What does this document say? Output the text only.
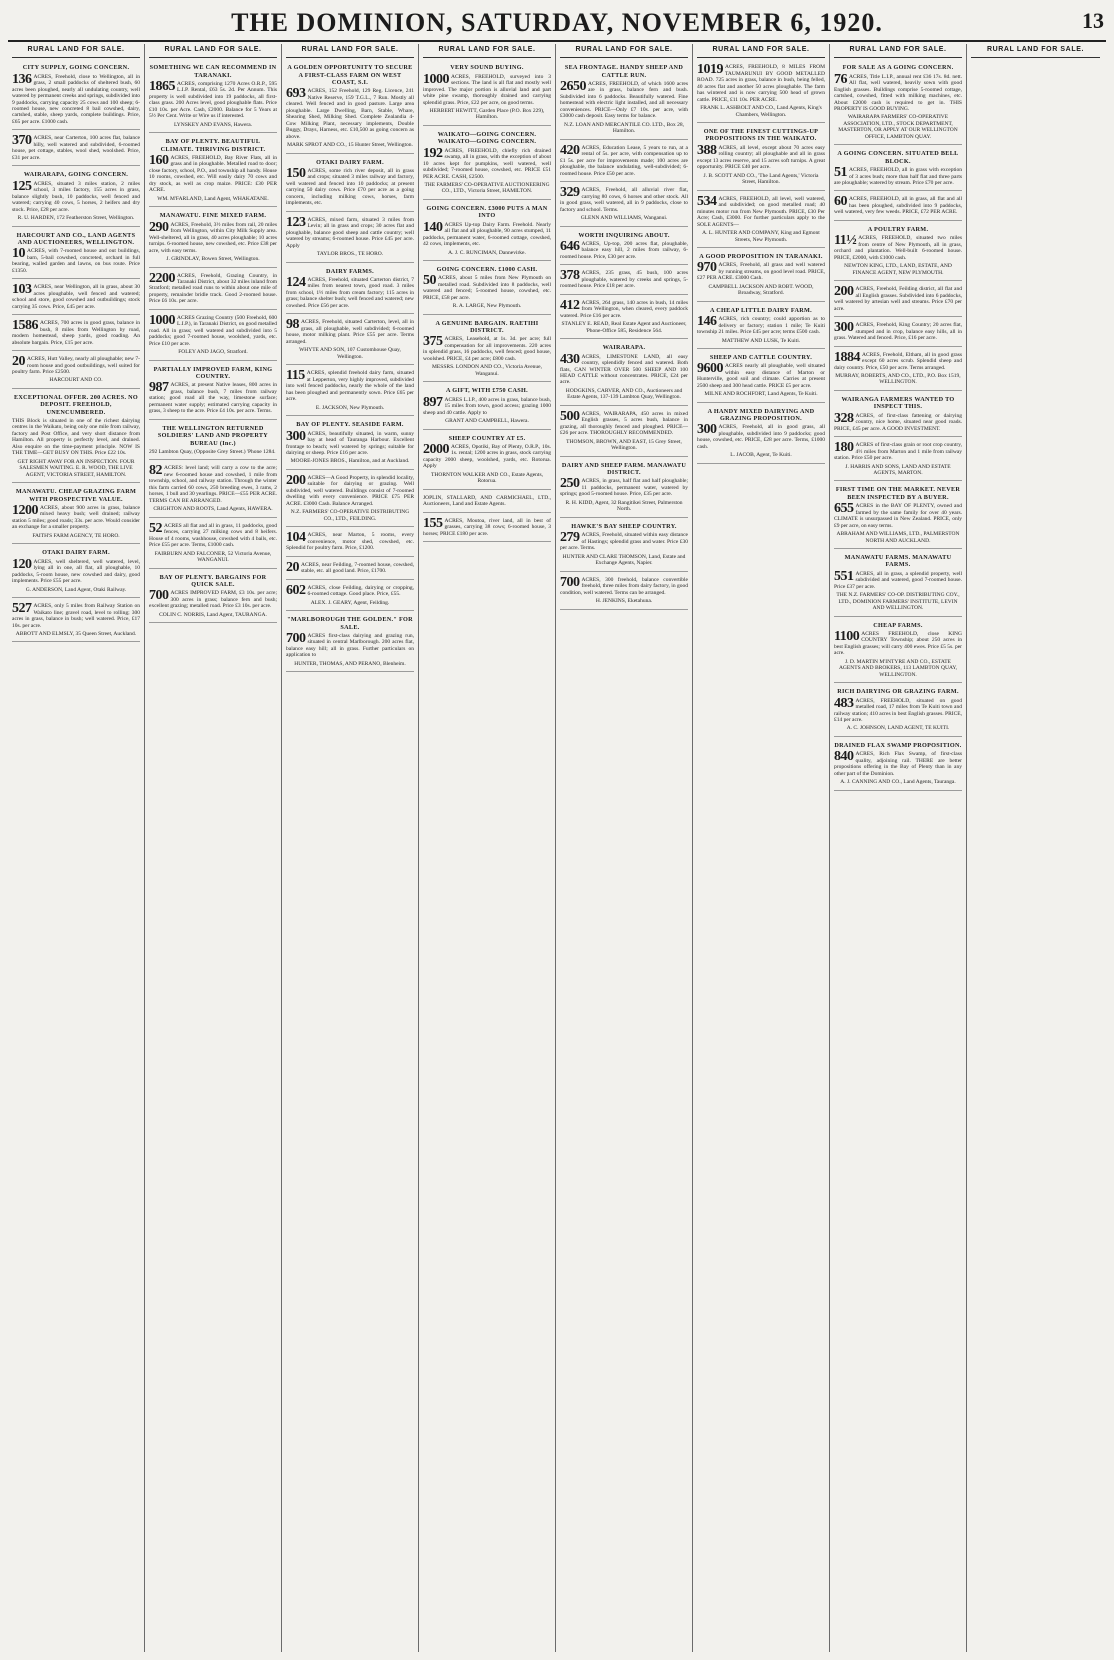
THE DOMINION, SATURDAY, NOVEMBER 6, 1920.	13
RURAL LAND FOR SALE.
CITY SUPPLY, GOING CONCERN.

136 ACRES, Freehold, close to Wellington, all in grass, 2 small paddocks of sheltered bush, 60 acres been ploughed, nearly all undulating country, well watered by permanent creeks and springs, subdivided into 9 paddocks, carrying capacity 25 cows and 100 sheep; 6-roomed house, new concreted 8 bail cowshed, dairy, cartshed, stable, sheep yards, complete buildings. Price, £65 per acre. £1000 cash.

370 ACRES, near Carterton, 100 acres flat, balance hilly, well watered and subdivided, 6-roomed house, pet cottage, stables, wool shed, woolshed. Price, £31 per acre.

WAIRARAPA, GOING CONCERN.

125 ACRES, situated 3 miles station, 2 miles school, 3 miles factory, 155 acres in grass, balance slightly bush, 10 paddocks, well fenced and watered; carrying 40 cows, 5 horses, 2 heifers and dry stock. Price, £28 per acre.

R. U. HARDEN, 172 Featherston Street, Wellington.
HARCOURT AND CO., LAND AGENTS AND AUCTIONEERS, WELLINGTON.

10 ACRES, with 7-roomed house and out buildings, barn, 5-bail cowshed, concreted, orchard in full bearing, walled garden and lawns, on bus route. Price £1350.

103 ACRES, near Wellington, all in grass, about 30 acres ploughable, well fenced and watered; school and store, good cowshed and outbuildings; stock carrying 35 cows. Price, £45 per acre.

1586 ACRES, 700 acres in good grass, balance in bush, 8 miles from Wellington by road, modern homestead, sheep yards, good roading. An absolute bargain. Price, £15 per acre.

20 ACRES, Hutt Valley, nearly all ploughable; new 7-room house and good outbuildings, well suited for poultry farm. Price £2500.

HARCOURT AND CO.
EXCEPTIONAL OFFER. 200 ACRES. NO DEPOSIT. FREEHOLD, UNENCUMBERED.

THIS Block is situated in one of the richest dairying centres in the Waikato, being only one mile from railway, factory and Post Office, and very short distance from Hamilton. All property is perfectly level, and drained. Also enquire on the time-payment principle. NOW IS THE TIME—GET BUSY ON THIS. Price £22 10s.

GET RIGHT AWAY FOR AN INSPECTION. FOUR SALESMEN WAITING. E. R. WOOD, THE LIVE AGENT, VICTORIA STREET, HAMILTON.
MANAWATU. CHEAP GRAZING FARM WITH PROSPECTIVE VALUE.

1200 ACRES, about 900 acres in grass, balance mixed heavy bush; well drained; railway station 5 miles; good roads; 33s. per acre. Would consider an exchange for a smaller property.

FAITH'S FARM AGENCY, TE HORO.
OTAKI DAIRY FARM.

120 ACRES, well sheltered, well watered, level, lying all in one, all flat, all ploughable, 10 paddocks, 5-room house, new cowshed and dairy, good implements. Price £55 per acre.

G. ANDERSON, Land Agent, Otaki Railway.

527 ACRES, only 5 miles from Railway Station on Waikato line; gravel road, level to rolling; 300 acres in grass, balance in bush; well watered. Price, £17 10s. per acre.

ABBOTT AND ELMSLY, 35 Queen Street, Auckland.
RURAL LAND FOR SALE.
SOMETHING WE CAN RECOMMEND IN TARANAKI.

1865 ACRES, comprising 1270 Acres O.R.P., 595 L.I.P. Rental, £63 5s. 2d. Per Annum. This property is well subdivided into 19 paddocks, all first-class grass. 200 Acres level, good ploughable flats. Price £10 10s. per Acre. Cash, £2000. Balance for 5 Years at 5½ Per Cent. Write or Wire us if interested.

LYNSKEY AND EVANS, Hawera.
BAY OF PLENTY. BEAUTIFUL CLIMATE. THRIVING DISTRICT.

160 ACRES, FREEHOLD, Bay River Flats, all in grass and in ploughable. Metalled road to door; close factory, school, P.O., and township all handy. House 10 rooms, cowshed, etc. Will easily dairy 70 cows and dry stock, as well as crop maize. PRICE: £30 PER ACRE.

WM. M'FARLAND, Land Agent, WHAKATANE.
MANAWATU. FINE MIXED FARM.

290 ACRES, Freehold, 3½ miles from rail, 20 miles from Wellington, within City Milk Supply area. Well-sheltered, all in grass, 40 acres ploughable; 10 acres turnips. 6-roomed house, new cowshed, etc. Price £38 per acre, with easy terms.

J. GRINDLAY, Bowen Street, Wellington.

2200 ACRES, Freehold, Grazing Country, in Taranaki District, about 32 miles inland from Stratford; metalled road runs to within about one mile of property, remainder bridle track. Good 2-roomed house. Price £6 10s. per acre.

1000 ACRES Grazing Country (500 Freehold, 600 L.I.P.), in Taranaki District, on good metalled road. All in grass; well watered and subdivided into 5 paddocks; good 7-roomed house, woolshed, yards, etc. Price £10 per acre.

FOLEY AND JAGO, Stratford.
PARTIALLY IMPROVED FARM, KING COUNTRY.

987 ACRES, at present Native leases, 800 acres in grass, balance bush, 7 miles from railway station; good road all the way, limestone surface; permanent water supply; estimated carrying capacity in grass, 3 sheep to the acre. Price £4 10s. per acre. Terms.

THE WELLINGTON RETURNED SOLDIERS' LAND AND PROPERTY BUREAU (Inc.)

292 Lambton Quay, (Opposite Grey Street.) 'Phone 1284.

82 ACRES: level land; will carry a cow to the acre; new 6-roomed house and cowshed, 1 mile from township, school, and railway station. Through the winter this farm carried 60 cows, 250 breeding ewes, 3 rams, 2 horses, 1 bull and 30 yearlings. PRICE—£55 PER ACRE. TERMS CAN BE ARRANGED.

CRIGHTON AND ROOTS, Land Agents, HAWERA.

52 ACRES all flat and all in grass, 11 paddocks, good fences, carrying 27 milking cows and 8 heifers. House of 4 rooms, washhouse, cowshed with 4 bails, etc. Price £55 per acre. Terms, £1000 cash.

FAIRBURN AND FALCONER, 52 Victoria Avenue, WANGANUI.
BAY OF PLENTY. BARGAINS FOR QUICK SALE.

700 ACRES IMPROVED FARM, £3 10s. per acre; 300 acres in grass; balance fern and bush; excellent grazing; metalled road. Price £3 10s. per acre.

COLIN C. NORRIS, Land Agent, TAURANGA.
RURAL LAND FOR SALE.
A GOLDEN OPPORTUNITY TO SECURE A FIRST-CLASS FARM ON WEST COAST, S.I.

693 ACRES, 152 Freehold, 129 Reg. Licence, 241 Native Reserve, 159 T.G.L., 7 Run. Mostly all cleared. Well fenced and in good pasture. Large area ploughable. Large Dwelling, Barn, Stable, Whare, Shearing Shed, Milking Shed. Complete Zealandia 4-Cow Milking Plant, necessary implements, Double Buggy, Drays, Harness, etc. £10,500 as going concern as above.

MARK SPROT AND CO., 15 Hunter Street, Wellington.
OTAKI DAIRY FARM.

150 ACRES, some rich river deposit, all in grass and crops; situated 3 miles railway and factory, well watered and fenced into 10 paddocks; at present carrying 50 dairy cows. Price £70 per acre as a going concern, including milking cows, horses, farm implements, etc.

123 ACRES, mixed farm, situated 3 miles from Levin; all in grass and crops; 30 acres flat and ploughable, balance good sheep and cattle country; well watered by streams; 6-roomed house. Price £45 per acre. Apply

TAYLOR BROS., TE HORO.
DAIRY FARMS.

124 ACRES, Freehold, situated Carterton district, 7 miles from nearest town, good road. 3 miles from school, 1½ miles from cream factory; 115 acres in grass; balance shelter bush; well fenced and watered; new cowshed. Price £56 per acre.

98 ACRES, Freehold, situated Carterton, level, all in grass, all ploughable, well subdivided; 6-roomed house, motor milking plant. Price £55 per acre. Terms arranged.

WHYTE AND SON, 107 Customhouse Quay, Wellington.

115 ACRES, splendid freehold dairy farm, situated at Lepperton, very highly improved, subdivided into well fenced paddocks, nearly the whole of the land has been ploughed and permanently sown. Price £65 per acre.

E. JACKSON, New Plymouth.
BAY OF PLENTY. SEASIDE FARM.

300 ACRES, beautifully situated, in warm, sunny bay at head of Tauranga Harbour. Excellent frontage to beach; well watered by springs; suitable for dairying or sheep. Price £16 per acre.

MOORE-JONES BROS., Hamilton, and at Auckland.

200 ACRES—A Good Property, in splendid locality, suitable for dairying or grazing. Well subdivided, well watered. Buildings consist of 7-roomed dwelling with every convenience. PRICE £75 PER ACRE. £3000 Cash. Balance Arranged.

N.Z. FARMERS' CO-OPERATIVE DISTRIBUTING CO., LTD., FEILDING.

104 ACRES, near Marton, 5 rooms, every convenience, motor shed, cowshed, etc. Splendid for poultry farm. Price, £1200.

20 ACRES, near Feilding, 7-roomed house, cowshed, stable, etc. all good land. Price, £1700.

602 ACRES, close Feilding, dairying or cropping, 6-roomed cottage. Good place. Price, £55.

ALEX. J. GEARY, Agent, Feilding.
"MARLBOROUGH THE GOLDEN." FOR SALE.

700 ACRES first-class dairying and grazing run, situated in central Marlborough. 200 acres flat, balance easy hill; all in grass. Further particulars on application to

HUNTER, THOMAS, AND PERANO, Blenheim.
RURAL LAND FOR SALE.
VERY SOUND BUYING.

1000 ACRES, FREEHOLD, surveyed into 3 sections. The land is all flat and mostly well improved. The major portion is alluvial land and part white pine swamp, thoroughly drained and carrying splendid grass. Price, £22 per acre, on good terms.

HERBERT HEWITT, Garden Place (P.O. Box 229), Hamilton.
WAIKATO—GOING CONCERN. WAIKATO—GOING CONCERN.

192 ACRES, FREEHOLD, chiefly rich drained swamp, all in grass, with the exception of about 10 acres kept for pumpkins, well watered, well subdivided; 7-roomed house, cowshed, etc. PRICE £51 PER ACRE. CASH, £2500.

THE FARMERS' CO-OPERATIVE AUCTIONEERING CO., LTD., Victoria Street, HAMILTON.
GOING CONCERN. £3000 PUTS A MAN INTO

140 ACRES Up-top Dairy Farm. Freehold. Nearly all flat and all ploughable, 90 acres stumped, 11 paddocks, permanent water, 6-roomed cottage, cowshed, 42 cows, implements, etc.

A. J. C. RUNCIMAN, Dannevirke.
GOING CONCERN. £1000 CASH.

50 ACRES, about 5 miles from New Plymouth on metalled road. Subdivided into 8 paddocks, well watered and fenced; 5-roomed house, cowshed, etc. PRICE, £58 per acre.

R. A. LARGE, New Plymouth.
A GENUINE BARGAIN. RAETIHI DISTRICT.

375 ACRES, Leasehold, at 1s. 3d. per acre; full compensation for all improvements. 220 acres in splendid grass, 16 paddocks, well fenced; good house, woolshed. PRICE, £4 per acre; £800 cash.

MESSRS. LONDON AND CO., Victoria Avenue, Wanganui.
A GIFT, WITH £750 CASH.

897 ACRES L.I.P., 400 acres in grass, balance bush, 15 miles from town, good access; grazing 1000 sheep and 40 cattle. Apply to

GRANT AND CAMPBELL, Hawera.
SHEEP COUNTRY AT £5.

2000 ACRES, Opotiki, Bay of Plenty, O.R.P., 10s. 1s. rental; 1200 acres in grass, stock carrying capacity 2000 sheep, woolshed, yards, etc. Rotorua. Apply

THORNTON WALKER AND CO., Estate Agents, Rotorua.

JOPLIN, STALLARD, AND CARMICHAEL, LTD., Auctioneers, Land and Estate Agents.

155 ACRES, Moutoa, river land, all in best of grasses, carrying 38 cows; 6-roomed house, 3 horses; PRICE £180 per acre.

RURAL LAND FOR SALE.
SEA FRONTAGE. HANDY SHEEP AND CATTLE RUN.

2650 ACRES, FREEHOLD, of which 1600 acres are in grass, balance fern and bush. Subdivided into 6 paddocks. Beautifully watered. Fine homestead with electric light installed, and all necessary conveniences. PRICE—Only £7 10s. per acre, with £3000 cash deposit. Easy terms for balance.

N.Z. LOAN AND MERCANTILE CO. LTD., Box 28, Hamilton.

420 ACRES, Education Lease, 5 years to run, at a rental of 5s. per acre, with compensation up to £1 5s. per acre for improvements made; 100 acres are ploughable, the balance undulating, well-subdivided; 6-roomed house. Price £50 per acre.

329 ACRES, Freehold, all alluvial river flat, carrying 80 cows, 6 horses and other stock. All in good grass, well watered, all in 9 paddocks, close to factory and school. Terms.

GLENN AND WILLIAMS, Wanganui.
WORTH INQUIRING ABOUT.

646 ACRES, Up-top, 200 acres flat, ploughable, balance easy hill, 2 miles from railway, 6-roomed house. Price, £30 per acre.

378 ACRES, 235 grass, 45 bush, 100 acres ploughable, watered by creeks and springs, 5-roomed house. Price £18 per acre.

412 ACRES, 264 grass, 140 acres in bush, 14 miles from Wellington, when cleared, every paddock watered. Price £16 per acre.

STANLEY E. READ, Real Estate Agent and Auctioneer, 'Phone-Office 585, Residence 564.
WAIRARAPA.

430 ACRES, LIMESTONE LAND, all easy country, splendidly fenced and watered. Both flats, CAN WINTER OVER 500 SHEEP AND 100 HEAD CATTLE without concentrates. PRICE, £24 per acre.

HODGKINS, CARVER, AND CO., Auctioneers and Estate Agents, 137-139 Lambton Quay, Wellington.

500 ACRES, WAIRARAPA, 450 acres in mixed English grasses, 5 acres bush, balance in grazing, all thoroughly fenced and ploughed. PRICE—£26 per acre. THOROUGHLY RECOMMENDED.

THOMSON, BROWN, AND EAST, 15 Grey Street, Wellington.
DAIRY AND SHEEP FARM. MANAWATU DISTRICT.

250 ACRES, in grass, half flat and half ploughable; 11 paddocks, permanent water, watered by springs; good 5-roomed house. Price, £35 per acre.

R. H. KIDD, Agent, 32 Rangitikei Street, Palmerston North.
HAWKE'S BAY SHEEP COUNTRY.

279 ACRES, Freehold, situated within easy distance of Hastings; splendid grass and water. Price £30 per acre. Terms.

HUNTER AND CLARE THOMSON, Land, Estate and Exchange Agents, Napier.

700 ACRES, 300 freehold, balance convertible freehold, three miles from dairy factory, in good condition, well watered. Terms can be arranged.

H. JENKINS, Eketahuna.
RURAL LAND FOR SALE.

1019 ACRES, FREEHOLD, 8 MILES FROM TAUMARUNUI BY GOOD METALLED ROAD. 725 acres in grass, balance in bush, being felled, 40 acres flat and another 50 acres ploughable. The farm has wintered and is now carrying 500 head of grown cattle. PRICE, £11 10s. PER ACRE.

FRANK L. ASHBOLT AND CO., Land Agents, King's Chambers, Wellington.
ONE OF THE FINEST CUTTINGS-UP PROPOSITIONS IN THE WAIKATO.

388 ACRES, all level, except about 70 acres easy rolling country; all ploughable and all in grass except 13 acres reserve, and 15 acres soft turnips. A great opportunity. PRICE £40 per acre.

J. B. SCOTT AND CO., 'The Land Agents,' Victoria Street, Hamilton.

534 ACRES, FREEHOLD, all level, well watered, and subdivided; on good metalled road; 40 minutes motor run from New Plymouth. PRICE, £30 Per Acre; Cash, £3000. For further particulars apply to the SOLE AGENTS—

A. L. HUNTER AND COMPANY, King and Egmont Streets, New Plymouth.
A GOOD PROPOSITION IN TARANAKI.

970 ACRES, Freehold, all grass and well watered by running streams, on good level road. PRICE, £27 PER ACRE. £3000 Cash.

CAMPBELL JACKSON AND ROBT. WOOD, Broadway, Stratford.
A CHEAP LITTLE DAIRY FARM.

146 ACRES, rich country; could apportion as to delivery or factory; station 1 mile; Te Kuiti township 21 miles. Price £45 per acre; terms £500 cash.

MATTHEW AND LUSK, Te Kuiti.
SHEEP AND CATTLE COUNTRY.

9600 ACRES nearly all ploughable, well situated within easy distance of Marton or Hunterville, good soil and climate. Carries at present 2500 sheep and 300 head cattle. PRICE £5 per acre.

MILNE AND ROCHFORT, Land Agents, Te Kuiti.
A HANDY MIXED DAIRYING AND GRAZING PROPOSITION.

300 ACRES, Freehold, all in good grass, all ploughable, subdivided into 9 paddocks; good house, cowshed, etc. PRICE, £28 per acre. Terms, £1000 cash.

L. JACOB, Agent, Te Kuiti.
RURAL LAND FOR SALE.
FOR SALE AS A GOING CONCERN.

76 ACRES, Title L.I.P., annual rent £36 17s. 8d. nett. All flat, well watered, heavily sown with good English grasses. Buildings comprise 5-roomed cottage, cartshed, cowshed, fitted with milking machines, etc. About £2000 cash is required to get in. THIS PROPERTY IS GOOD BUYING.

WAIRARAPA FARMERS' CO-OPERATIVE ASSOCIATION, LTD., STOCK DEPARTMENT, MASTERTON, OR APPLY AT OUR WELLINGTON OFFICE, LAMBTON QUAY.
A GOING CONCERN. SITUATED BELL BLOCK.

51 ACRES, FREEHOLD, all in grass with exception of 3 acres bush; more than half flat and three parts are ploughable; watered by stream. Price £70 per acre.

60 ACRES, FREEHOLD, all in grass, all flat and all has been ploughed, subdivided into 9 paddocks, well watered, very few weeds. PRICE, £72 PER ACRE.

A POULTRY FARM.

11½ ACRES, FREEHOLD, situated two miles from centre of New Plymouth, all in grass, orchard and plantation. Well-built 6-roomed house. PRICE, £2000, with £1000 cash.

NEWTON KING, LTD., LAND, ESTATE, AND FINANCE AGENT, NEW PLYMOUTH.

200 ACRES, Freehold, Feilding district, all flat and all English grasses. Subdivided into 6 paddocks, well watered by artesian well and streams. Price £70 per acre.

300 ACRES, Freehold, King Country; 20 acres flat, stumped and in crop, balance easy hills, all in grass. Watered and fenced. Price, £16 per acre.

1884 ACRES, Freehold, Eltham, all in good grass except 60 acres scrub. Splendid sheep and dairy country. Price, £50 per acre. Terms arranged.

MURRAY, ROBERTS, AND CO., LTD., P.O. Box 1519, WELLINGTON.
WAIRANGA FARMERS WANTED TO INSPECT THIS.

328 ACRES, of first-class fattening or dairying country, nice home, situated near good roads. PRICE, £45 per acre. A GOOD INVESTMENT.

180 ACRES of first-class grain or root crop country, 4½ miles from Marton and 1 mile from railway station. Price £50 per acre.

J. HARRIS AND SONS, LAND AND ESTATE AGENTS, MARTON.
FIRST TIME ON THE MARKET. NEVER BEEN INSPECTED BY A BUYER.

655 ACRES in the BAY OF PLENTY, owned and farmed by the same family for over 40 years. CLIMATE is unsurpassed in New Zealand. PRICE, only £9 per acre, on easy terms.

ABRAHAM AND WILLIAMS, LTD., PALMERSTON NORTH AND AUCKLAND.
MANAWATU FARMS. MANAWATU FARMS.

551 ACRES, all in grass, a splendid property, well subdivided and watered, good 7-roomed house. Price £37 per acre.

THE N.Z. FARMERS' CO-OP. DISTRIBUTING COY., LTD., DOMINION FARMERS' INSTITUTE, LEVIN AND WELLINGTON.
CHEAP FARMS.

1100 ACRES FREEHOLD, close KING COUNTRY Township; about 250 acres in best English grasses; will carry 400 ewes. Price £5 5s. per acre.

J. D. MARTIN M'INTYRE AND CO., ESTATE AGENTS AND BROKERS, 113 LAMBTON QUAY, WELLINGTON.
RICH DAIRYING OR GRAZING FARM.

483 ACRES, FREEHOLD, situated on good metalled road, 17 miles from Te Kuiti town and railway station; 410 acres in best English grasses. PRICE, £14 per acre.

A. C. JOHNSON, LAND AGENT, TE KUITI.
DRAINED FLAX SWAMP PROPOSITION.

840 ACRES, Rich Flax Swamp, of first-class quality, adjoining rail. THERE are better propositions offering in the Bay of Plenty than in any other part of the Dominion.

A. J. CANNING AND CO., Land Agents, Tauranga.
RURAL LAND FOR SALE.
